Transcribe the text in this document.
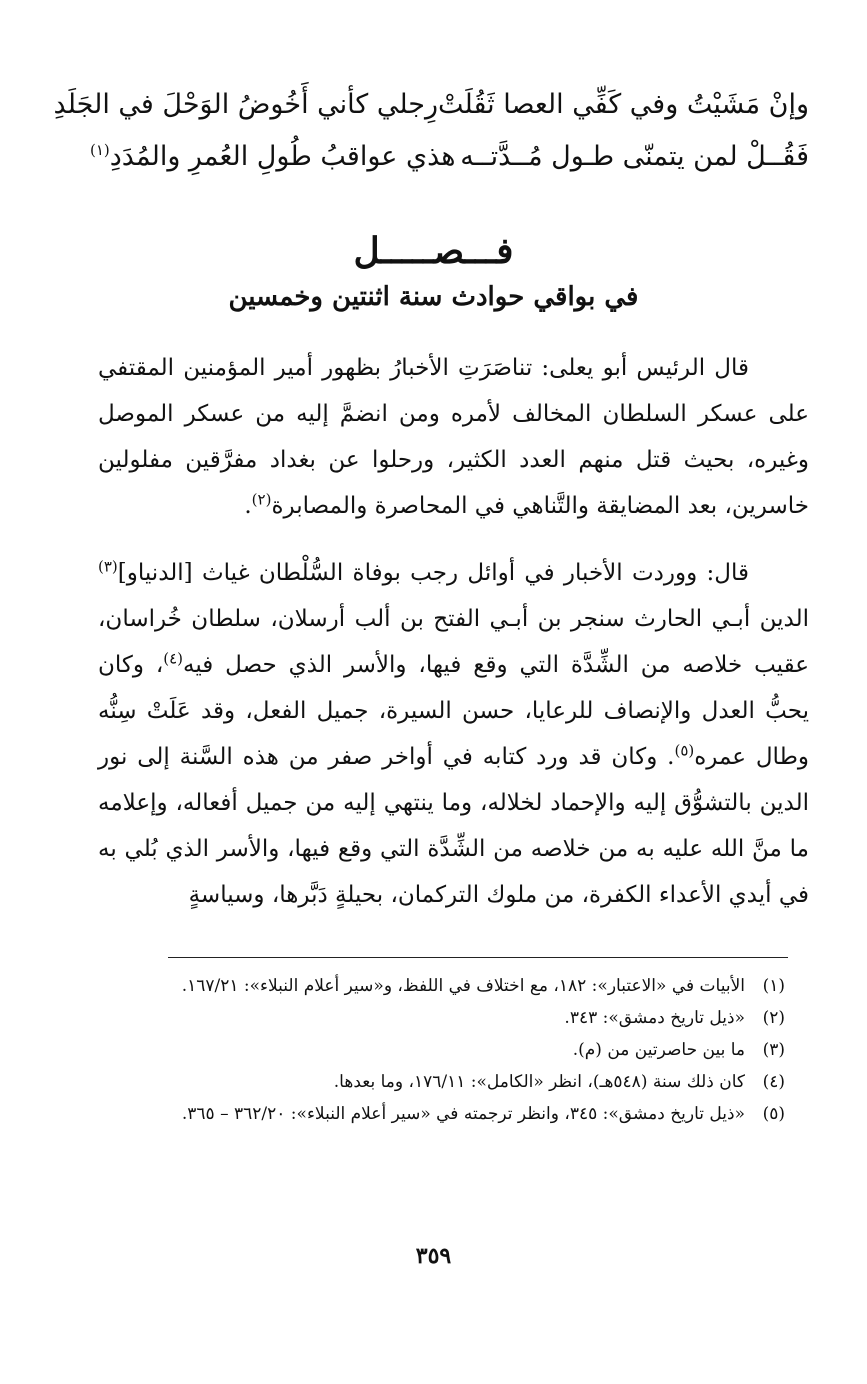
وإنْ مَشَيْتُ وفي كَفِّي العصا ثَقُلَتْ
رِجلي كأني أَخُوضُ الوَحْلَ في الجَلَدِ
فَقُــلْ لمن يتمنّى طـول مُــدَّتــه
هذي عواقبُ طُولِ العُمرِ والمُدَدِ$^{(١)}$
فـــصـــــل
في بواقي حوادث سنة اثنتين وخمسين

قال الرئيس أبو يعلى: تناصَرَتِ الأخبارُ بظهور أمير المؤمنين المقتفي على عسكر السلطان المخالف لأمره ومن انضمَّ إليه من عسكر الموصل وغيره، بحيث قتل منهم العدد الكثير، ورحلوا عن بغداد مفرَّقين مفلولين خاسرين، بعد المضايقة والتَّناهي في المحاصرة والمصابرة$^{(٢)}$.

قال: ووردت الأخبار في أوائل رجب بوفاة السُّلْطان غياث [الدنياو]$^{(٣)}$ الدين أبـي الحارث سنجر بن أبـي الفتح بن ألب أرسلان، سلطان خُراسان، عقيب خلاصه من الشِّدَّة التي وقع فيها، والأسر الذي حصل فيه$^{(٤)}$، وكان يحبُّ العدل والإنصاف للرعايا، حسن السيرة، جميل الفعل، وقد عَلَتْ سِنُّه وطال عمره$^{(٥)}$. وكان قد ورد كتابه في أواخر صفر من هذه السَّنة إلى نور الدين بالتشوُّق إليه والإحماد لخلاله، وما ينتهي إليه من جميل أفعاله، وإعلامه ما منَّ الله عليه به من خلاصه من الشِّدَّة التي وقع فيها، والأسر الذي بُلي به في أيدي الأعداء الكفرة، من ملوك التركمان، بحيلةٍ دَبَّرها، وسياسةٍ

(١)
الأبيات في «الاعتبار»: ١٨٢، مع اختلاف في اللفظ، و«سير أعلام النبلاء»: ١٦٧/٢١.
(٢)
«ذيل تاريخ دمشق»: ٣٤٣.
(٣)
ما بين حاصرتين من (م).
(٤)
كان ذلك سنة (٥٤٨هـ)، انظر «الكامل»: ١٧٦/١١، وما بعدها.
(٥)
«ذيل تاريخ دمشق»: ٣٤٥، وانظر ترجمته في «سير أعلام النبلاء»: ٣٦٢/٢٠ – ٣٦٥.
٣٥٩
